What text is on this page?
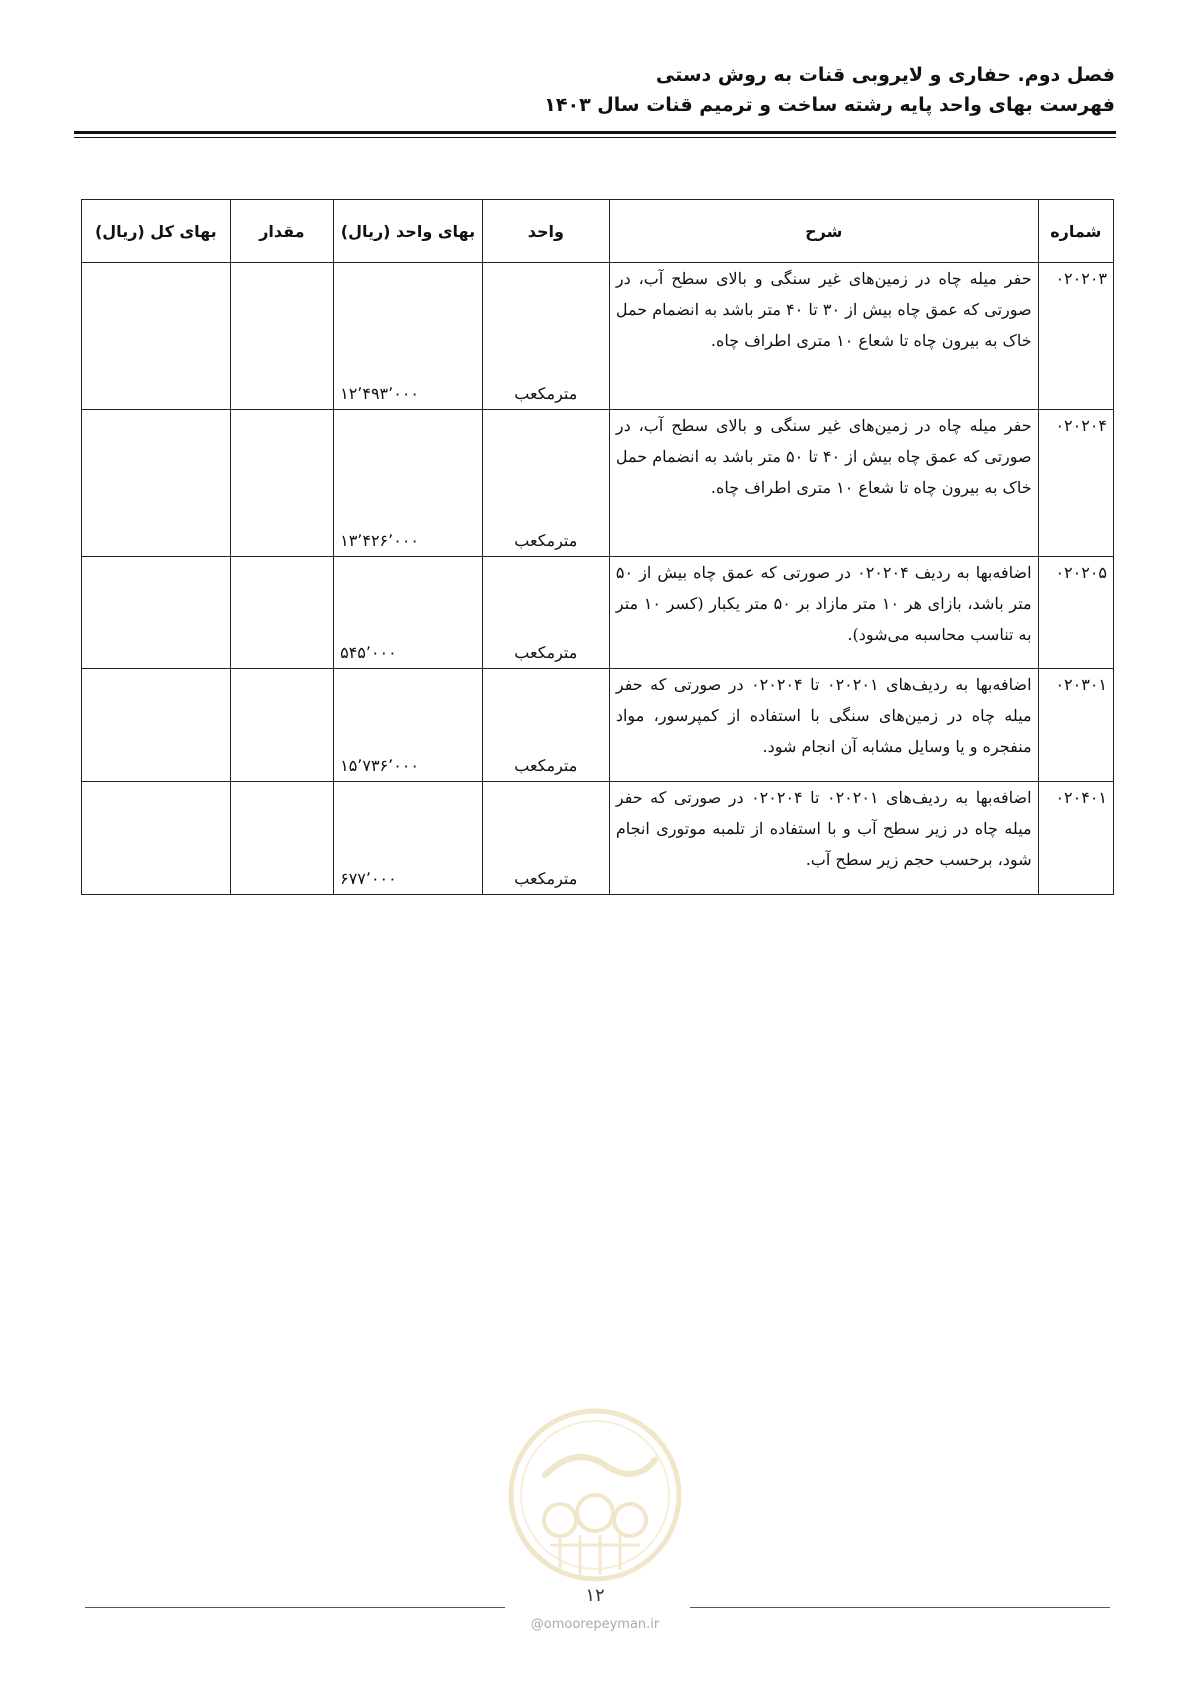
فصل دوم. حفاری و لایروبی قنات به روش دستی
فهرست بهای واحد پایه رشته ساخت و ترمیم قنات سال ۱۴۰۳
شماره	شرح	واحد	بهای واحد (ریال)	مقدار	بهای کل (ریال)
۰۲۰۲۰۳	حفر میله چاه در زمین‌های غیر سنگی و بالای سطح آب، در صورتی که عمق چاه بیش از ۳۰ تا ۴۰ متر باشد به انضمام حمل خاک به بیرون چاه تا شعاع ۱۰ متری اطراف چاه.	مترمکعب	۱۲٬۴۹۳٬۰۰۰		
۰۲۰۲۰۴	حفر میله چاه در زمین‌های غیر سنگی و بالای سطح آب، در صورتی که عمق چاه بیش از ۴۰ تا ۵۰ متر باشد به انضمام حمل خاک به بیرون چاه تا شعاع ۱۰ متری اطراف چاه.	مترمکعب	۱۳٬۴۲۶٬۰۰۰		
۰۲۰۲۰۵	اضافه‌بها به ردیف ۰۲۰۲۰۴ در صورتی که عمق چاه بیش از ۵۰ متر باشد، بازای هر ۱۰ متر مازاد بر ۵۰ متر یکبار (کسر ۱۰ متر به تناسب محاسبه می‌شود).	مترمکعب	۵۴۵٬۰۰۰		
۰۲۰۳۰۱	اضافه‌بها به ردیف‌های ۰۲۰۲۰۱ تا ۰۲۰۲۰۴ در صورتی که حفر میله چاه در زمین‌های سنگی با استفاده از کمپرسور، مواد منفجره و یا وسایل مشابه آن انجام شود.	مترمکعب	۱۵٬۷۳۶٬۰۰۰		
۰۲۰۴۰۱	اضافه‌بها به ردیف‌های ۰۲۰۲۰۱ تا ۰۲۰۲۰۴ در صورتی که حفر میله چاه در زیر سطح آب و با استفاده از تلمبه موتوری انجام شود، برحسب حجم زیر سطح آب.	مترمکعب	۶۷۷٬۰۰۰		
۱۲
@omoorepeyman.ir
